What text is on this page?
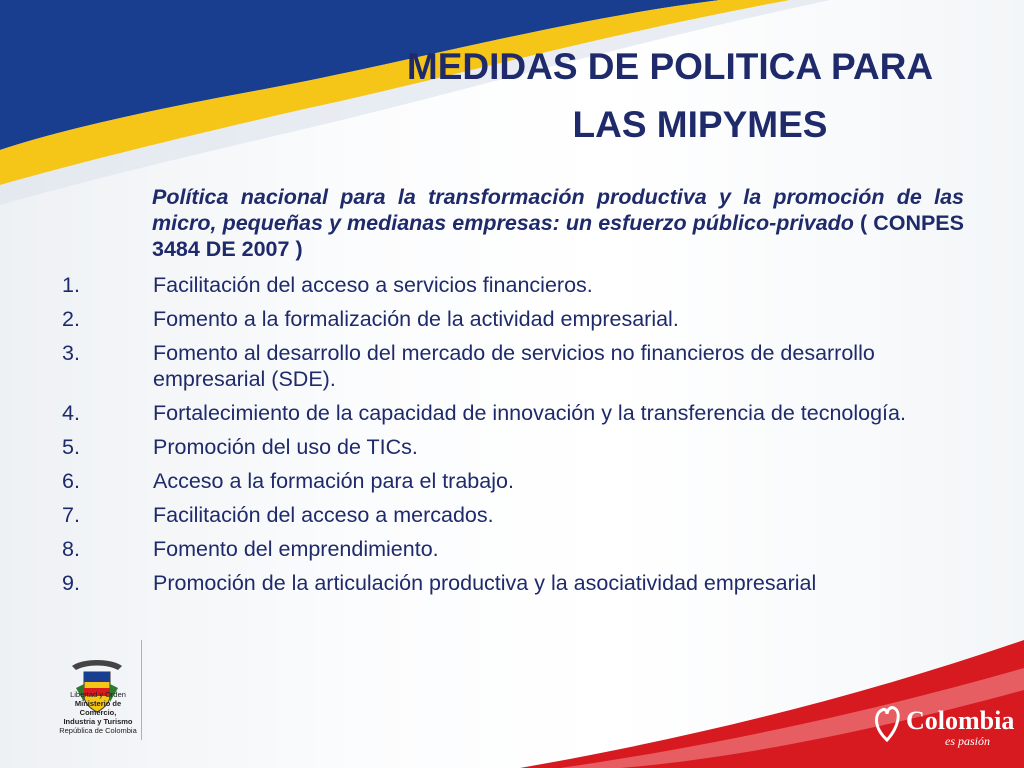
MEDIDAS DE POLITICA PARA
LAS MIPYMES
Política nacional para la transformación productiva y la promoción de las micro, pequeñas y medianas empresas: un esfuerzo público-privado ( CONPES 3484 DE 2007 )
1.	Facilitación del acceso a servicios financieros.
2.	Fomento a la formalización de la actividad empresarial.
3.	Fomento al desarrollo del mercado de servicios no financieros de desarrollo empresarial (SDE).
4.	Fortalecimiento de la capacidad de innovación y la transferencia de tecnología.
5.	Promoción del uso de TICs.
6.	Acceso a la formación para el trabajo.
7.	Facilitación del acceso a mercados.
8.	Fomento del emprendimiento.
9.	Promoción de la articulación productiva y la asociatividad empresarial
Libertad y Orden
Ministerio de Comercio,
Industria y Turismo
República de Colombia	Colombia
es pasión
